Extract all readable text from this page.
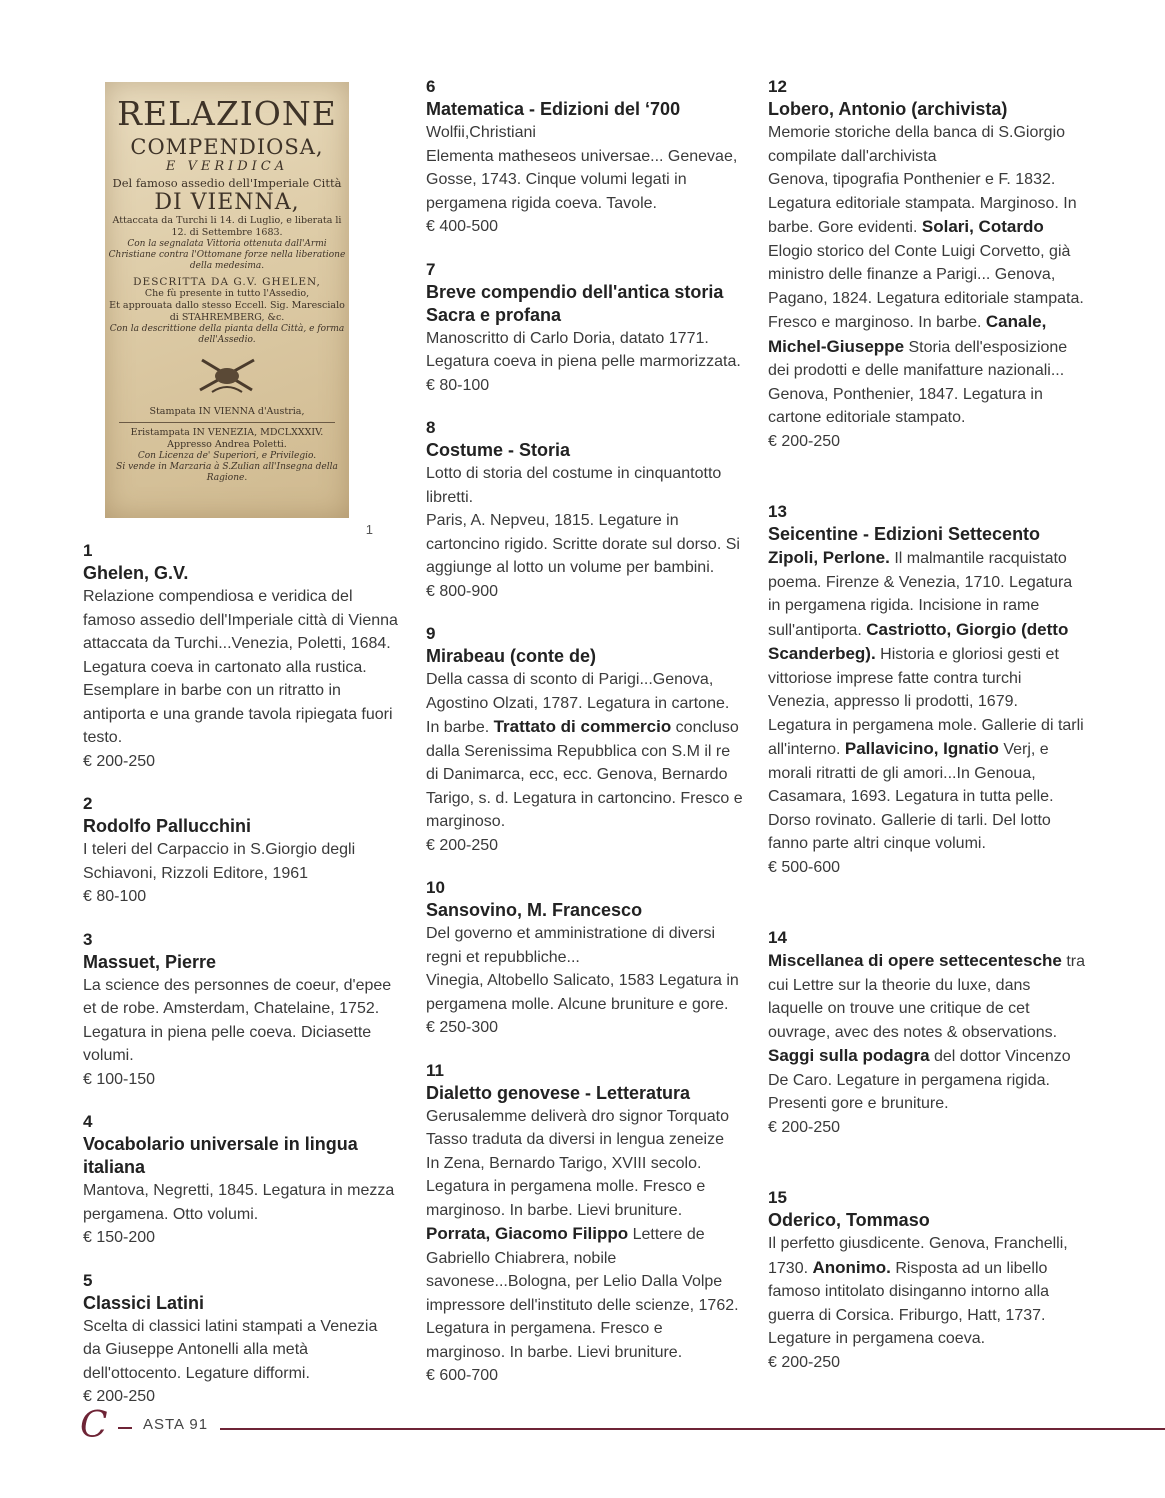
RELAZIONE
COMPENDIOSA,
E VERIDICA
Del famoso assedio dell'Imperiale Città
DI VIENNA,
Attaccata da Turchi li 14. di Luglio, e liberata li 12. di Settembre 1683.
Con la segnalata Vittoria ottenuta dall'Armi Christiane contra l'Ottomane forze nella liberatione della medesima.
DESCRITTA DA G.V. GHELEN,
Che fù presente in tutto l'Assedio,
Et approuata dallo stesso Eccell. Sig. Marescialo di STAHREMBERG, &c.
Con la descrittione della pianta della Città, e forma dell'Assedio.
Stampata IN VIENNA d'Austria,
Eristampata IN VENEZIA, MDCLXXXIV.
Appresso Andrea Poletti.
Con Licenza de' Superiori, e Privilegio.
Si vende in Marzaria à S.Zulian all'Insegna della Ragione.
1
1
Ghelen, G.V.
Relazione compendiosa e veridica del famoso assedio dell'Imperiale città di Vienna attaccata da Turchi...Venezia, Poletti, 1684. Legatura coeva in cartonato alla rustica. Esemplare in barbe con un ritratto in antiporta e una grande tavola ripiegata fuori testo.
€ 200-250
2
Rodolfo Pallucchini
I teleri del Carpaccio in S.Giorgio degli Schiavoni, Rizzoli Editore, 1961
€ 80-100
3
Massuet, Pierre
La science des personnes de coeur, d'epee et de robe. Amsterdam, Chatelaine, 1752. Legatura in piena pelle coeva. Diciasette volumi.
€ 100-150
4
Vocabolario universale in lingua italiana
Mantova, Negretti, 1845. Legatura in mezza pergamena. Otto volumi.
€ 150-200
5
Classici Latini
Scelta di classici latini stampati a Venezia da Giuseppe Antonelli alla metà dell'ottocento. Legature difformi.
€ 200-250
6
Matematica - Edizioni del ‘700
Wolfii,Christiani
Elementa matheseos universae... Genevae, Gosse, 1743. Cinque volumi legati in pergamena rigida coeva. Tavole.
€ 400-500
7
Breve compendio dell'antica storia Sacra e profana
Manoscritto di Carlo Doria, datato 1771. Legatura coeva in piena pelle marmorizzata.
€ 80-100
8
Costume - Storia
Lotto di storia del costume in cinquantotto libretti.
Paris, A. Nepveu, 1815. Legature in cartoncino rigido. Scritte dorate sul dorso. Si aggiunge al lotto un volume per bambini.
€ 800-900
9
Mirabeau (conte de)
Della cassa di sconto di Parigi...Genova, Agostino Olzati, 1787. Legatura in cartone. In barbe. Trattato di commercio concluso dalla Serenissima Repubblica con S.M il re di Danimarca, ecc, ecc. Genova, Bernardo Tarigo, s. d. Legatura in cartoncino. Fresco e marginoso.
€ 200-250
10
Sansovino, M. Francesco
Del governo et amministratione di diversi regni et repubbliche...
Vinegia, Altobello Salicato, 1583 Legatura in pergamena molle. Alcune bruniture e gore.
€ 250-300
11
Dialetto genovese - Letteratura
Gerusalemme deliverà dro signor Torquato Tasso traduta da diversi in lengua zeneize
In Zena, Bernardo Tarigo, XVIII secolo. Legatura in pergamena molle. Fresco e marginoso. In barbe. Lievi bruniture. Porrata, Giacomo Filippo Lettere de Gabriello Chiabrera, nobile savonese...Bologna, per Lelio Dalla Volpe impressore dell'instituto delle scienze, 1762. Legatura in pergamena. Fresco e marginoso. In barbe. Lievi bruniture.
€ 600-700
12
Lobero, Antonio (archivista)
Memorie storiche della banca di S.Giorgio compilate dall'archivista
Genova, tipografia Ponthenier e F. 1832. Legatura editoriale stampata. Marginoso. In barbe. Gore evidenti. Solari, Cotardo Elogio storico del Conte Luigi Corvetto, già ministro delle finanze a Parigi... Genova, Pagano, 1824. Legatura editoriale stampata. Fresco e marginoso. In barbe. Canale, Michel-Giuseppe Storia dell'esposizione dei prodotti e delle manifatture nazionali... Genova, Ponthenier, 1847. Legatura in cartone editoriale stampato.
€ 200-250
13
Seicentine - Edizioni Settecento
Zipoli, Perlone. Il malmantile racquistato poema. Firenze & Venezia, 1710. Legatura in pergamena rigida. Incisione in rame sull'antiporta. Castriotto, Giorgio (detto Scanderbeg). Historia e gloriosi gesti et vittoriose imprese fatte contra turchi Venezia, appresso li prodotti, 1679. Legatura in pergamena mole. Gallerie di tarli all'interno. Pallavicino, Ignatio Verj, e morali ritratti de gli amori...In Genoua, Casamara, 1693. Legatura in tutta pelle. Dorso rovinato. Gallerie di tarli. Del lotto fanno parte altri cinque volumi.
€ 500-600
14
Miscellanea di opere settecentesche tra cui Lettre sur la theorie du luxe, dans laquelle on trouve une critique de cet ouvrage, avec des notes & observations. Saggi sulla podagra del dottor Vincenzo De Caro. Legature in pergamena rigida. Presenti gore e bruniture.
€ 200-250
15
Oderico, Tommaso
Il perfetto giusdicente. Genova, Franchelli, 1730. Anonimo. Risposta ad un libello famoso intitolato disinganno intorno alla guerra di Corsica. Friburgo, Hatt, 1737. Legature in pergamena coeva.
€ 200-250
C ASTA 91
